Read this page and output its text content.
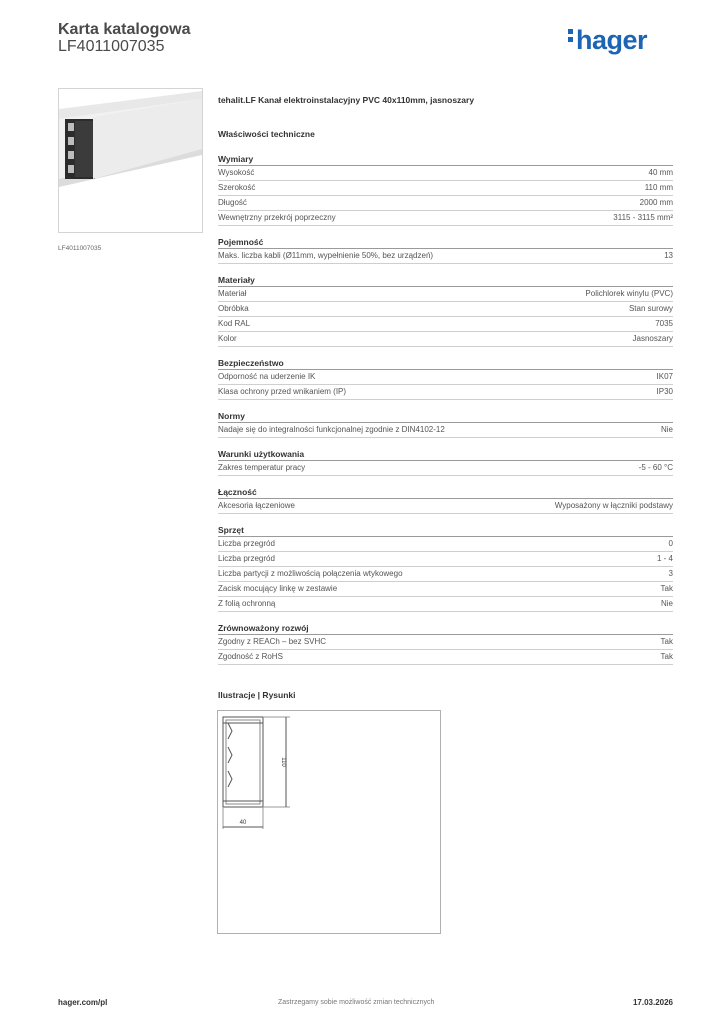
Karta katalogowa
LF4011007035	hager
LF4011007035
tehalit.LF Kanał elektroinstalacyjny PVC 40x110mm, jasnoszary
Właściwości techniczne
Wymiary
Wysokość	40 mm
Szerokość	110 mm
Długość	2000 mm
Wewnętrzny przekrój poprzeczny	3115 - 3115 mm²
Pojemność
Maks. liczba kabli (Ø11mm, wypełnienie 50%, bez urządzeń)	13
Materiały
Materiał	Polichlorek winylu (PVC)
Obróbka	Stan surowy
Kod RAL	7035
Kolor	Jasnoszary
Bezpieczeństwo
Odporność na uderzenie IK	IK07
Klasa ochrony przed wnikaniem (IP)	IP30
Normy
Nadaje się do integralności funkcjonalnej zgodnie z DIN4102-12	Nie
Warunki użytkowania
Zakres temperatur pracy	-5 - 60 °C
Łączność
Akcesoria łączeniowe	Wyposażony w łączniki podstawy
Sprzęt
Liczba przegród	0
Liczba przegród	1 - 4
Liczba partycji z możliwością połączenia wtykowego	3
Zacisk mocujący linkę w zestawie	Tak
Z folią ochronną	Nie
Zrównoważony rozwój
Zgodny z REACh – bez SVHC	Tak
Zgodność z RoHS	Tak
Ilustracje | Rysunki
40
110
hager.com/pl	Zastrzegamy sobie możliwość zmian technicznych	17.03.2026
